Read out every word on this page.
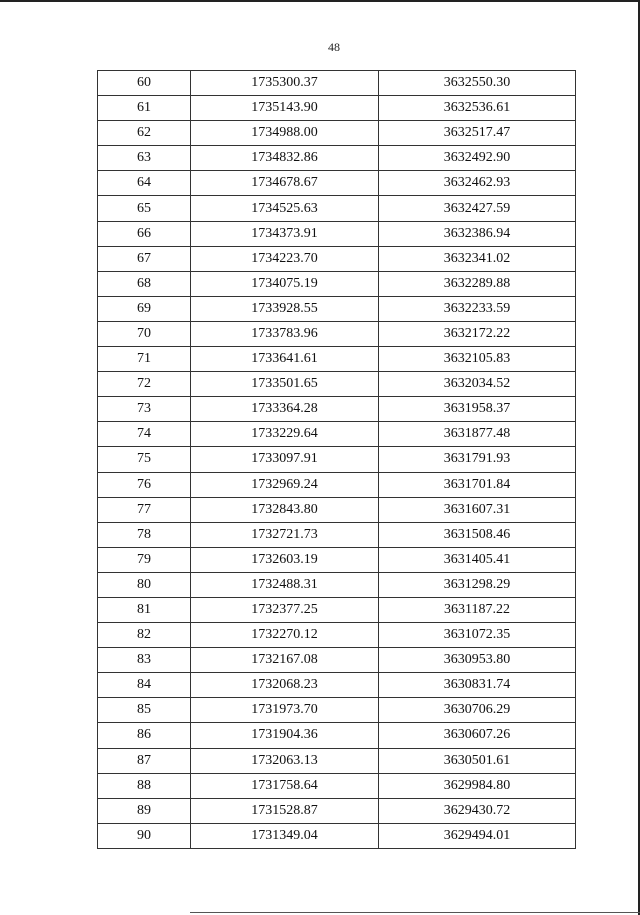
48
60	1735300.37	3632550.30
61	1735143.90	3632536.61
62	1734988.00	3632517.47
63	1734832.86	3632492.90
64	1734678.67	3632462.93
65	1734525.63	3632427.59
66	1734373.91	3632386.94
67	1734223.70	3632341.02
68	1734075.19	3632289.88
69	1733928.55	3632233.59
70	1733783.96	3632172.22
71	1733641.61	3632105.83
72	1733501.65	3632034.52
73	1733364.28	3631958.37
74	1733229.64	3631877.48
75	1733097.91	3631791.93
76	1732969.24	3631701.84
77	1732843.80	3631607.31
78	1732721.73	3631508.46
79	1732603.19	3631405.41
80	1732488.31	3631298.29
81	1732377.25	3631187.22
82	1732270.12	3631072.35
83	1732167.08	3630953.80
84	1732068.23	3630831.74
85	1731973.70	3630706.29
86	1731904.36	3630607.26
87	1732063.13	3630501.61
88	1731758.64	3629984.80
89	1731528.87	3629430.72
90	1731349.04	3629494.01
